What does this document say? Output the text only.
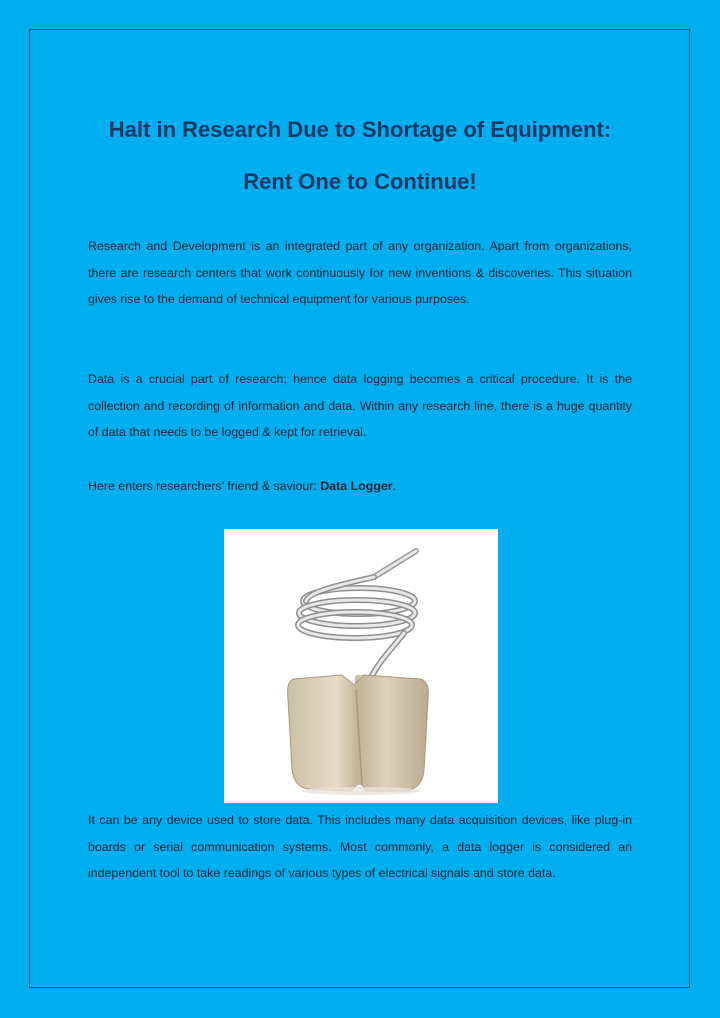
Halt in Research Due to Shortage of Equipment:
Rent One to Continue!

Research and Development is an integrated part of any organization. Apart from organizations, there are research centers that work continuously for new inventions & discoveries. This situation gives rise to the demand of technical equipment for various purposes.

Data is a crucial part of research; hence data logging becomes a critical procedure. It is the collection and recording of information and data. Within any research line, there is a huge quantity of data that needs to be logged & kept for retrieval.

Here enters researchers’ friend & saviour: Data Logger.

It can be any device used to store data. This includes many data acquisition devices, like plug-in boards or serial communication systems. Most commonly, a data logger is considered an independent tool to take readings of various types of electrical signals and store data.
